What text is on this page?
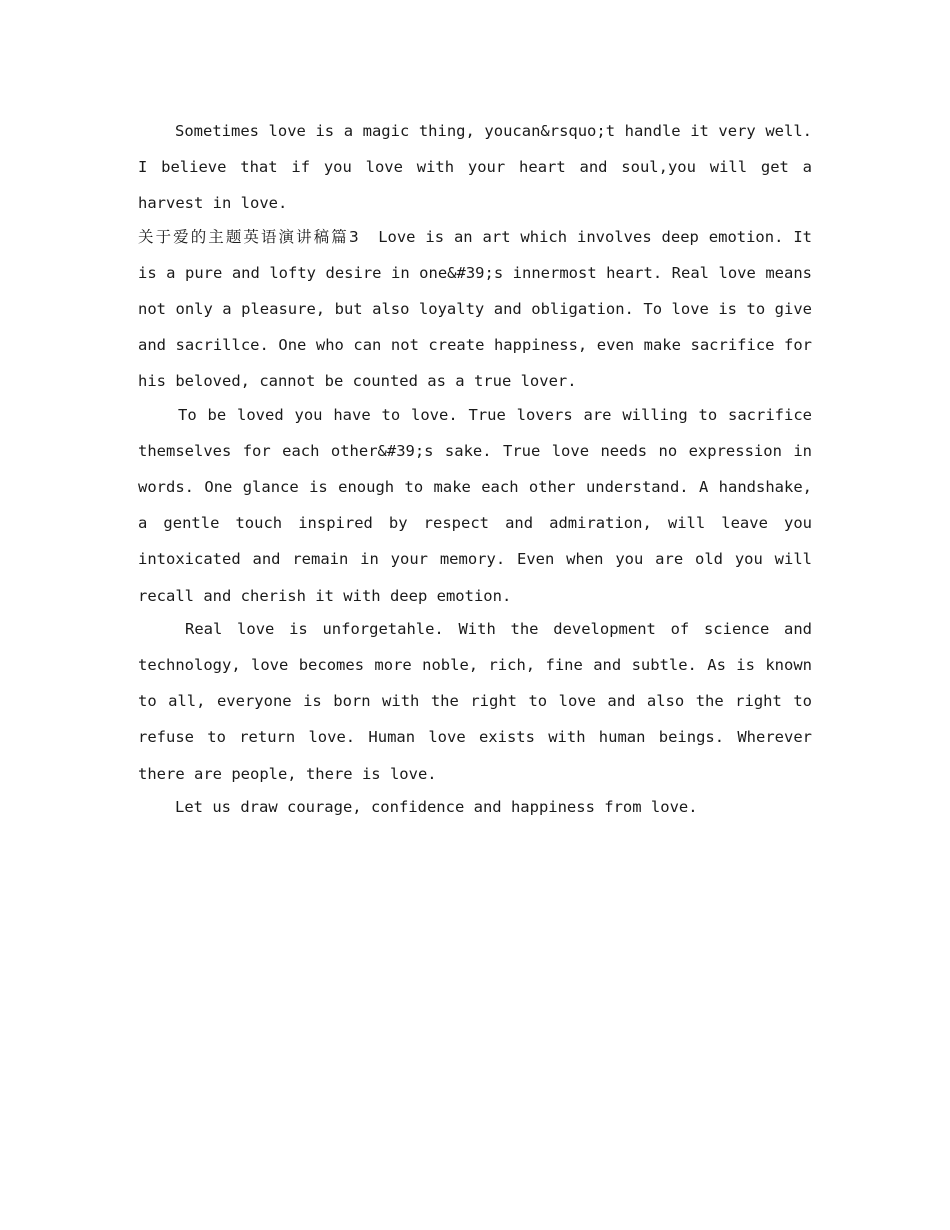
Sometimes love is a magic thing, youcan&rsquo;t handle it very well. I believe that if you love with your heart and soul,you will get a harvest in love.

关于爱的主题英语演讲稿篇3 Love is an art which involves deep emotion. It is a pure and lofty desire in one&#39;s innermost heart. Real love means not only a pleasure, but also loyalty and obligation. To love is to give and sacrillce. One who can not create happiness, even make sacrifice for his beloved, cannot be counted as a true lover.

To be loved you have to love. True lovers are willing to sacrifice themselves for each other&#39;s sake. True love needs no expression in words. One glance is enough to make each other understand. A handshake, a gentle touch inspired by respect and admiration, will leave you intoxicated and remain in your memory. Even when you are old you will recall and cherish it with deep emotion.

Real love is unforgetahle. With the development of science and technology, love becomes more noble, rich, fine and subtle. As is known to all, everyone is born with the right to love and also the right to refuse to return love. Human love exists with human beings. Wherever there are people, there is love.

Let us draw courage, confidence and happiness from love.
